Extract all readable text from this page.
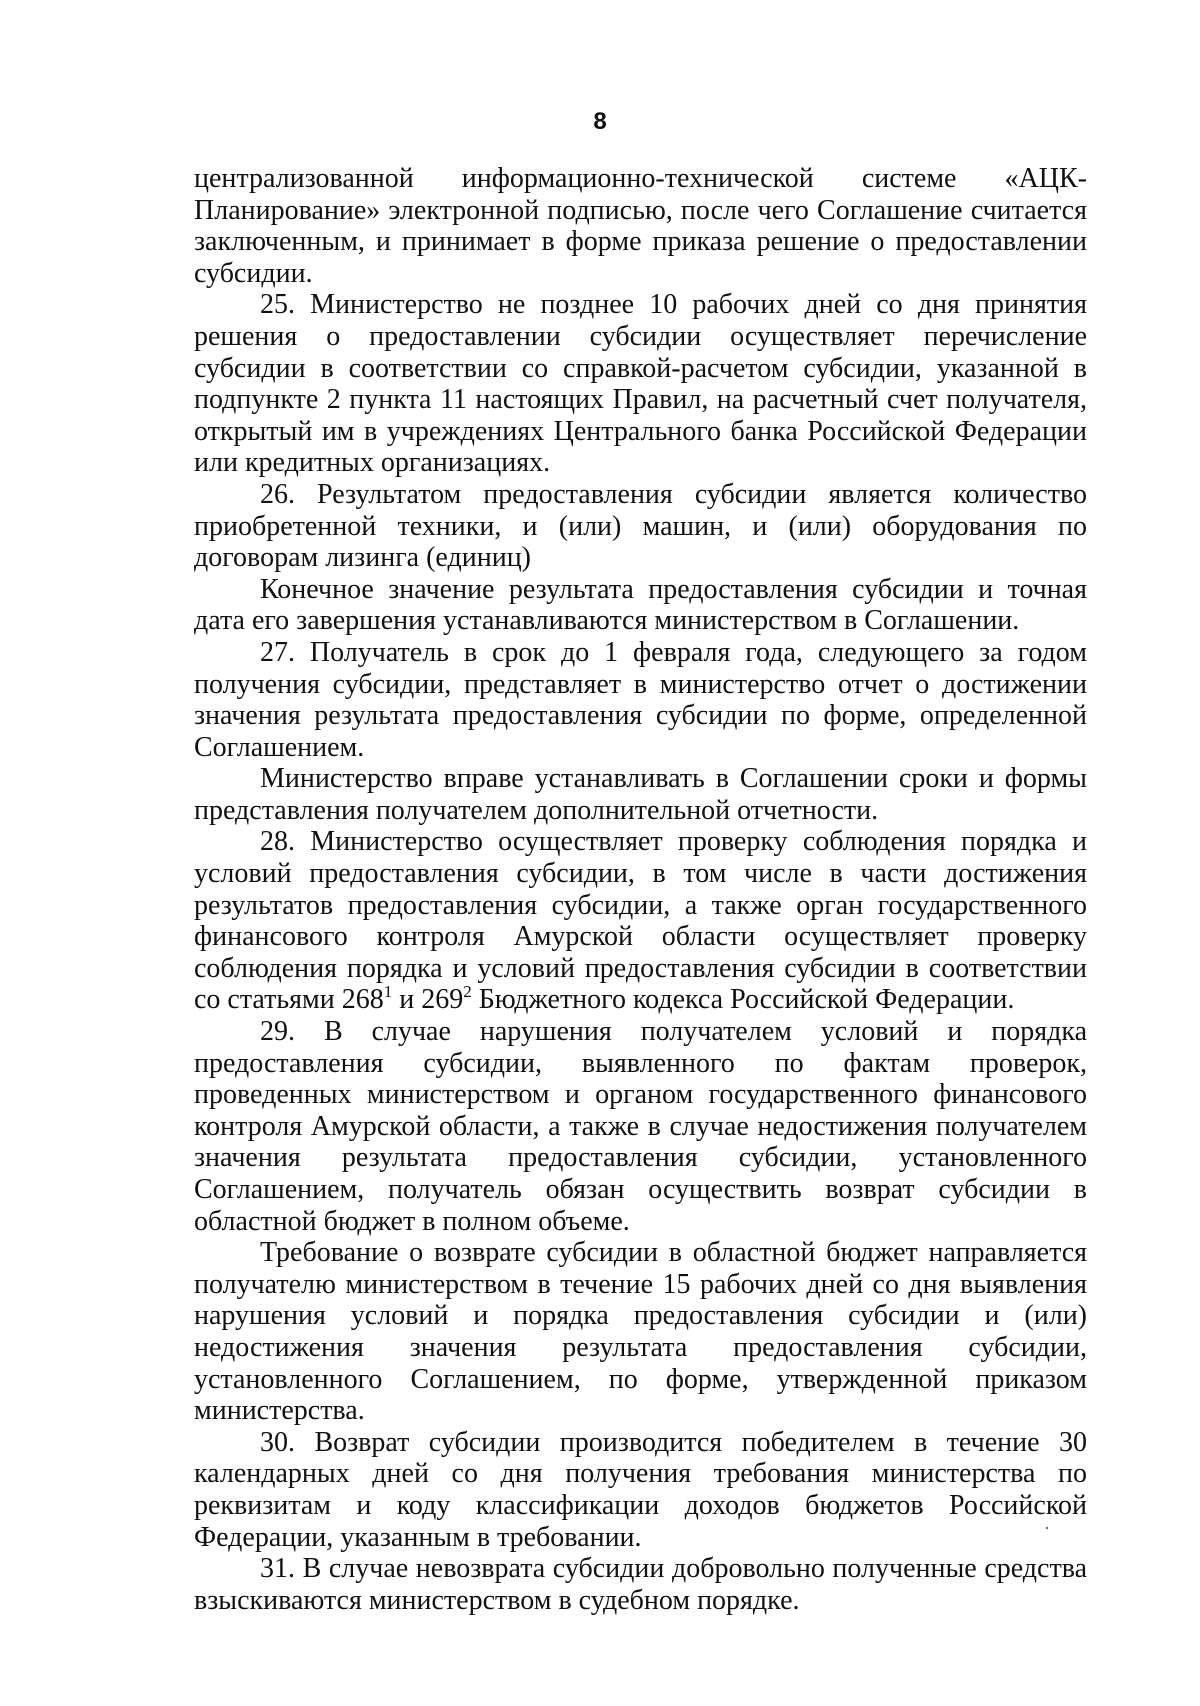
8

централизованной информационно-технической системе «АЦК-Планирование» электронной подписью, после чего Соглашение считается заключенным, и принимает в форме приказа решение о предоставлении субсидии.

25. Министерство не позднее 10 рабочих дней со дня принятия решения о предоставлении субсидии осуществляет перечисление субсидии в соответствии со справкой-расчетом субсидии, указанной в подпункте 2 пункта 11 настоящих Правил, на расчетный счет получателя, открытый им в учреждениях Центрального банка Российской Федерации или кредитных организациях.

26. Результатом предоставления субсидии является количество приобретенной техники, и (или) машин, и (или) оборудования по договорам лизинга (единиц)

Конечное значение результата предоставления субсидии и точная дата его завершения устанавливаются министерством в Соглашении.

27. Получатель в срок до 1 февраля года, следующего за годом получения субсидии, представляет в министерство отчет о достижении значения результата предоставления субсидии по форме, определенной Соглашением.

Министерство вправе устанавливать в Соглашении сроки и формы представления получателем дополнительной отчетности.

28. Министерство осуществляет проверку соблюдения порядка и условий предоставления субсидии, в том числе в части достижения результатов предоставления субсидии, а также орган государственного финансового контроля Амурской области осуществляет проверку соблюдения порядка и условий предоставления субсидии в соответствии со статьями $268^1$ и $269^2$ Бюджетного кодекса Российской Федерации.

29. В случае нарушения получателем условий и порядка предоставления субсидии, выявленного по фактам проверок, проведенных министерством и органом государственного финансового контроля Амурской области, а также в случае недостижения получателем значения результата предоставления субсидии, установленного Соглашением, получатель обязан осуществить возврат субсидии в областной бюджет в полном объеме.

Требование о возврате субсидии в областной бюджет направляется получателю министерством в течение 15 рабочих дней со дня выявления нарушения условий и порядка предоставления субсидии и (или) недостижения значения результата предоставления субсидии, установленного Соглашением, по форме, утвержденной приказом министерства.

30. Возврат субсидии производится победителем в течение 30 календарных дней со дня получения требования министерства по реквизитам и коду классификации доходов бюджетов Российской Федерации, указанным в требовании.

31. В случае невозврата субсидии добровольно полученные средства взыскиваются министерством в судебном порядке.
